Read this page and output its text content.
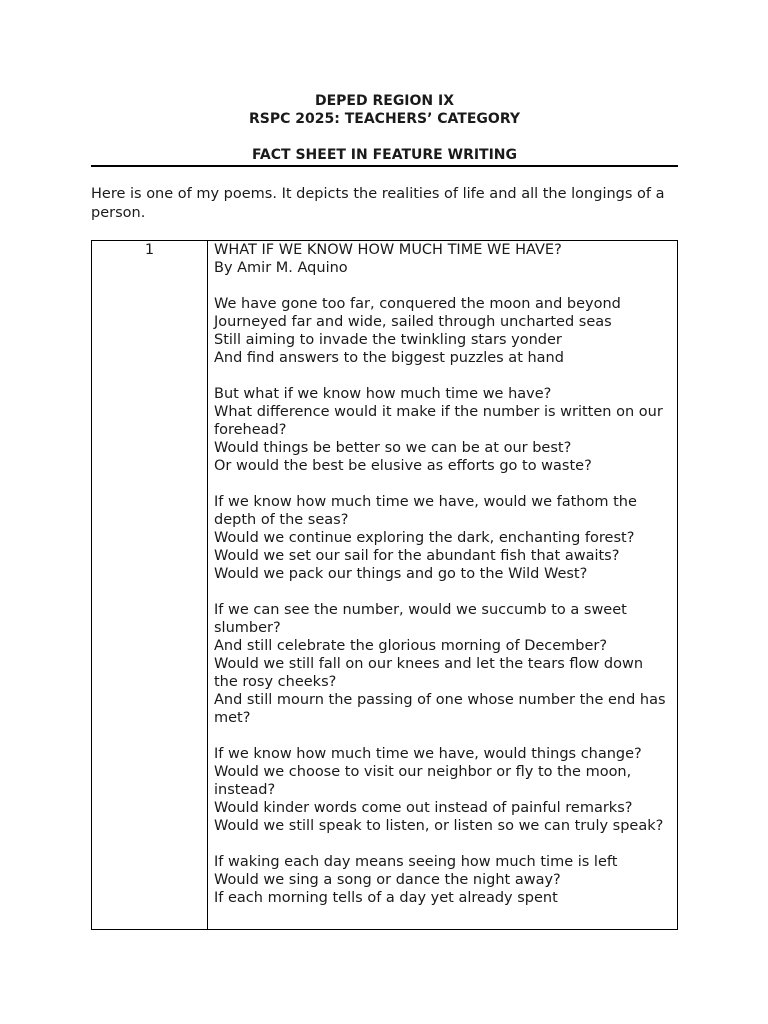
DEPED REGION IX

RSPC 2025: TEACHERS’ CATEGORY

FACT SHEET IN FEATURE WRITING

Here is one of my poems. It depicts the realities of life and all the longings of a person.

1	WHAT IF WE KNOW HOW MUCH TIME WE HAVE?

By Amir M. Aquino

We have gone too far, conquered the moon and beyond

Journeyed far and wide, sailed through uncharted seas

Still aiming to invade the twinkling stars yonder

And find answers to the biggest puzzles at hand

But what if we know how much time we have?

What difference would it make if the number is written on our forehead?

Would things be better so we can be at our best?

Or would the best be elusive as efforts go to waste?

If we know how much time we have, would we fathom the depth of the seas?

Would we continue exploring the dark, enchanting forest?

Would we set our sail for the abundant fish that awaits?

Would we pack our things and go to the Wild West?

If we can see the number, would we succumb to a sweet slumber?

And still celebrate the glorious morning of December?

Would we still fall on our knees and let the tears flow down the rosy cheeks?

And still mourn the passing of one whose number the end has met?

If we know how much time we have, would things change?

Would we choose to visit our neighbor or fly to the moon, instead?

Would kinder words come out instead of painful remarks?

Would we still speak to listen, or listen so we can truly speak?

If waking each day means seeing how much time is left

Would we sing a song or dance the night away?

If each morning tells of a day yet already spent
